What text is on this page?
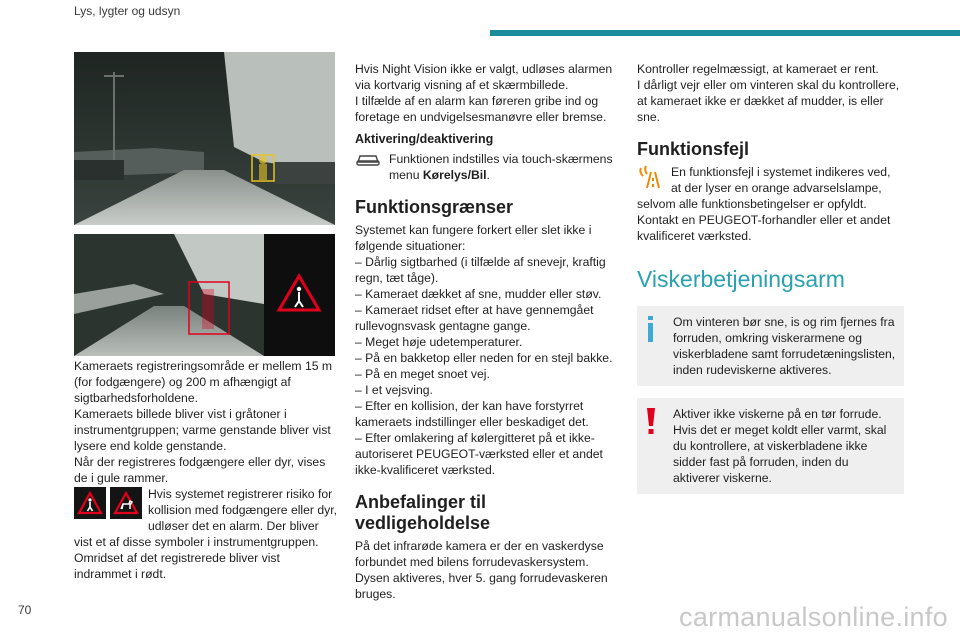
Lys, lygter og udsyn

Kameraets registreringsområde er mellem 15 m (for fodgængere) og 200 m afhængigt af sigtbarhedsforholdene.

Kameraets billede bliver vist i gråtoner i instrumentgruppen; varme genstande bliver vist lysere end kolde genstande.

Når der registreres fodgængere eller dyr, vises de i gule rammer.

Hvis systemet registrerer risiko for kollision med fodgængere eller dyr, udløser det en alarm. Der bliver vist et af disse symboler i instrumentgruppen. Omridset af det registrerede bliver vist indrammet i rødt.

Hvis Night Vision ikke er valgt, udløses alarmen via kortvarig visning af et skærmbillede.

I tilfælde af en alarm kan føreren gribe ind og foretage en undvigelsesmanøvre eller bremse.

Aktivering/deaktivering
Funktionen indstilles via touch-skærmens menu Kørelys/Bil.
Funktionsgrænser

Systemet kan fungere forkert eller slet ikke i følgende situationer:

– Dårlig sigtbarhed (i tilfælde af snevejr, kraftig regn, tæt tåge).

– Kameraet dækket af sne, mudder eller støv.

– Kameraet ridset efter at have gennemgået rullevognsvask gentagne gange.

– Meget høje udetemperaturer.

– På en bakketop eller neden for en stejl bakke.

– På en meget snoet vej.

– I et vejsving.

– Efter en kollision, der kan have forstyrret kameraets indstillinger eller beskadiget det.

– Efter omlakering af kølergitteret på et ikke-autoriseret PEUGEOT-værksted eller et andet ikke-kvalificeret værksted.

Anbefalinger til vedligeholdelse

På det infrarøde kamera er der en vaskerdyse forbundet med bilens forrudevaskersystem. Dysen aktiveres, hver 5. gang forrudevaskeren bruges.

Kontroller regelmæssigt, at kameraet er rent.

I dårligt vejr eller om vinteren skal du kontrollere, at kameraet ikke er dækket af mudder, is eller sne.

Funktionsfejl

En funktionsfejl i systemet indikeres ved, at der lyser en orange advarselslampe, selvom alle funktionsbetingelser er opfyldt.

Kontakt en PEUGEOT-forhandler eller et andet kvalificeret værksted.

Viskerbetjeningsarm
Om vinteren bør sne, is og rim fjernes fra forruden, omkring viskerarmene og viskerbladene samt forrudetæningslisten, inden rudeviskerne aktiveres.
Aktiver ikke viskerne på en tør forrude. Hvis det er meget koldt eller varmt, skal du kontrollere, at viskerbladene ikke sidder fast på forruden, inden du aktiverer viskerne.
70	carmanualsonline.info
